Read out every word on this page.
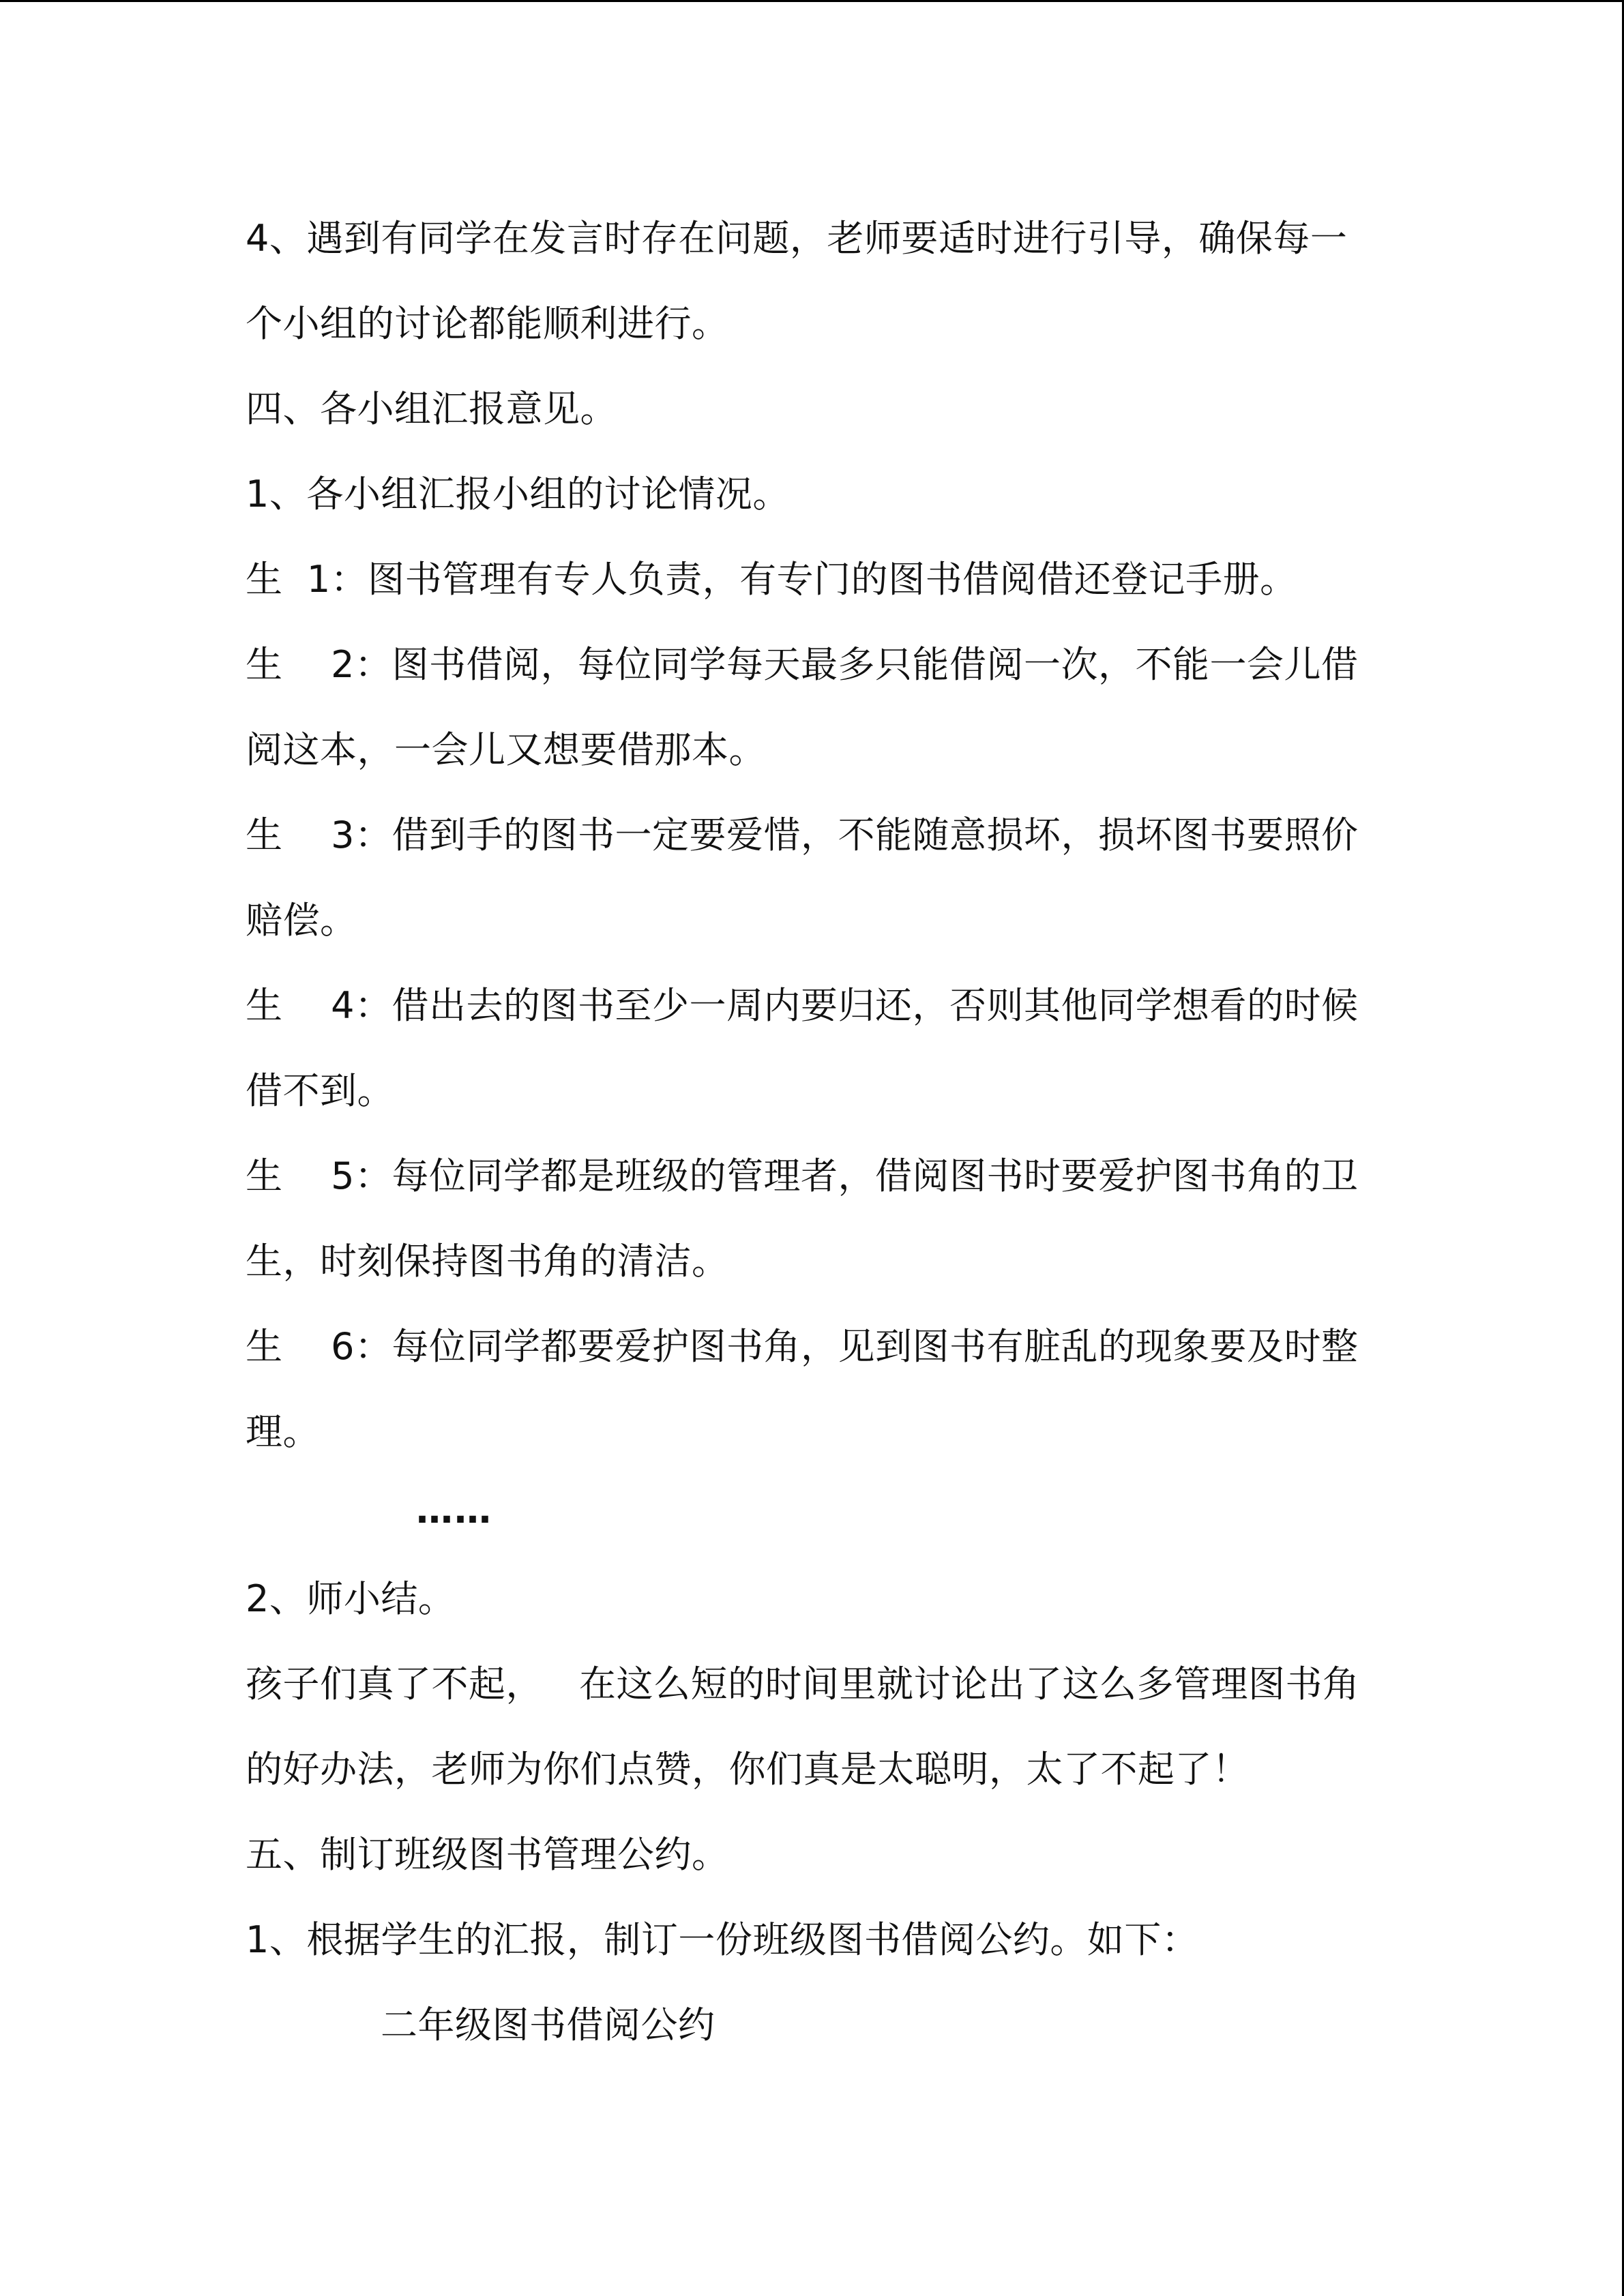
4、遇到有同学在发言时存在问题，老师要适时进行引导，确保每一
个小组的讨论都能顺利进行。
四、各小组汇报意见。
1、各小组汇报小组的讨论情况。
生  1：图书管理有专人负责，有专门的图书借阅借还登记手册。
生    2：图书借阅，每位同学每天最多只能借阅一次，不能一会儿借
阅这本，一会儿又想要借那本。
生    3：借到手的图书一定要爱惜，不能随意损坏，损坏图书要照价
赔偿。
生    4：借出去的图书至少一周内要归还，否则其他同学想看的时候
借不到。
生    5：每位同学都是班级的管理者，借阅图书时要爱护图书角的卫
生，时刻保持图书角的清洁。
生    6：每位同学都要爱护图书角，见到图书有脏乱的现象要及时整
理。
……
2、师小结。
孩子们真了不起，   在这么短的时间里就讨论出了这么多管理图书角
的好办法，老师为你们点赞，你们真是太聪明，太了不起了！
五、制订班级图书管理公约。
1、根据学生的汇报，制订一份班级图书借阅公约。如下：
二年级图书借阅公约
